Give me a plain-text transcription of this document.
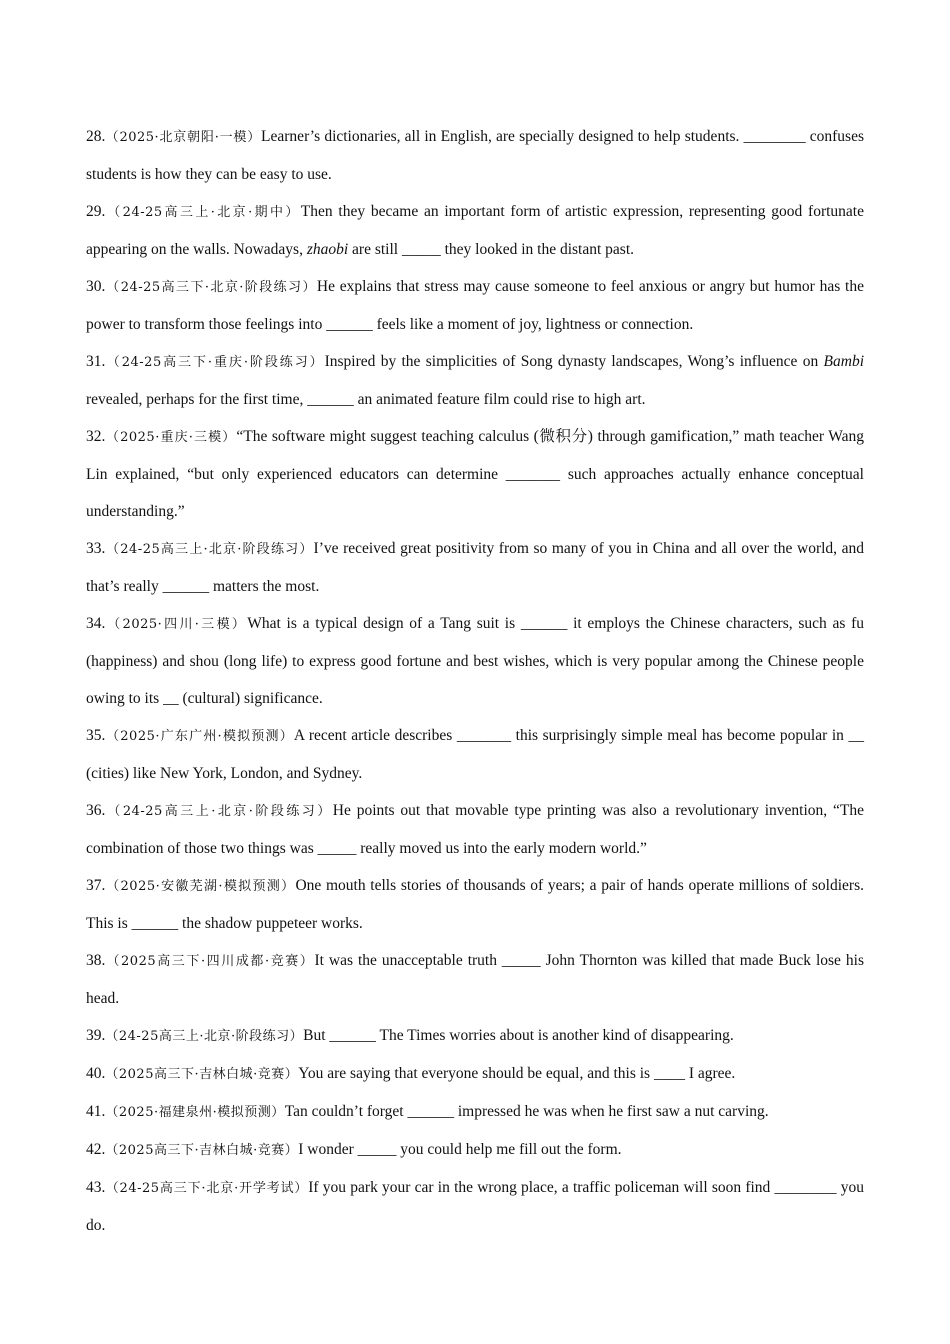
28.（2025·北京朝阳·一模）Learner’s dictionaries, all in English, are specially designed to help students. ________ confuses students is how they can be easy to use.

29.（24-25高三上·北京·期中）Then they became an important form of artistic expression, representing good fortunate appearing on the walls. Nowadays, zhaobi are still _____ they looked in the distant past.

30.（24-25高三下·北京·阶段练习）He explains that stress may cause someone to feel anxious or angry but humor has the power to transform those feelings into ______ feels like a moment of joy, lightness or connection.

31.（24-25高三下·重庆·阶段练习）Inspired by the simplicities of Song dynasty landscapes, Wong’s influence on Bambi revealed, perhaps for the first time, ______ an animated feature film could rise to high art.

32.（2025·重庆·三模）“The software might suggest teaching calculus (微积分) through gamification,” math teacher Wang Lin explained, “but only experienced educators can determine _______ such approaches actually enhance conceptual understanding.”

33.（24-25高三上·北京·阶段练习）I’ve received great positivity from so many of you in China and all over the world, and that’s really ______ matters the most.

34.（2025·四川·三模）What is a typical design of a Tang suit is ______ it employs the Chinese characters, such as fu (happiness) and shou (long life) to express good fortune and best wishes, which is very popular among the Chinese people owing to its __ (cultural) significance.

35.（2025·广东广州·模拟预测）A recent article describes _______ this surprisingly simple meal has become popular in __ (cities) like New York, London, and Sydney.

36.（24-25高三上·北京·阶段练习）He points out that movable type printing was also a revolutionary invention, “The combination of those two things was _____ really moved us into the early modern world.”

37.（2025·安徽芜湖·模拟预测）One mouth tells stories of thousands of years; a pair of hands operate millions of soldiers. This is ______ the shadow puppeteer works.

38.（2025高三下·四川成都·竞赛）It was the unacceptable truth _____ John Thornton was killed that made Buck lose his head.

39.（24-25高三上·北京·阶段练习）But ______ The Times worries about is another kind of disappearing.

40.（2025高三下·吉林白城·竞赛）You are saying that everyone should be equal, and this is ____ I agree.

41.（2025·福建泉州·模拟预测）Tan couldn’t forget ______ impressed he was when he first saw a nut carving.

42.（2025高三下·吉林白城·竞赛）I wonder _____ you could help me fill out the form.

43.（24-25高三下·北京·开学考试）If you park your car in the wrong place, a traffic policeman will soon find ________ you do.
